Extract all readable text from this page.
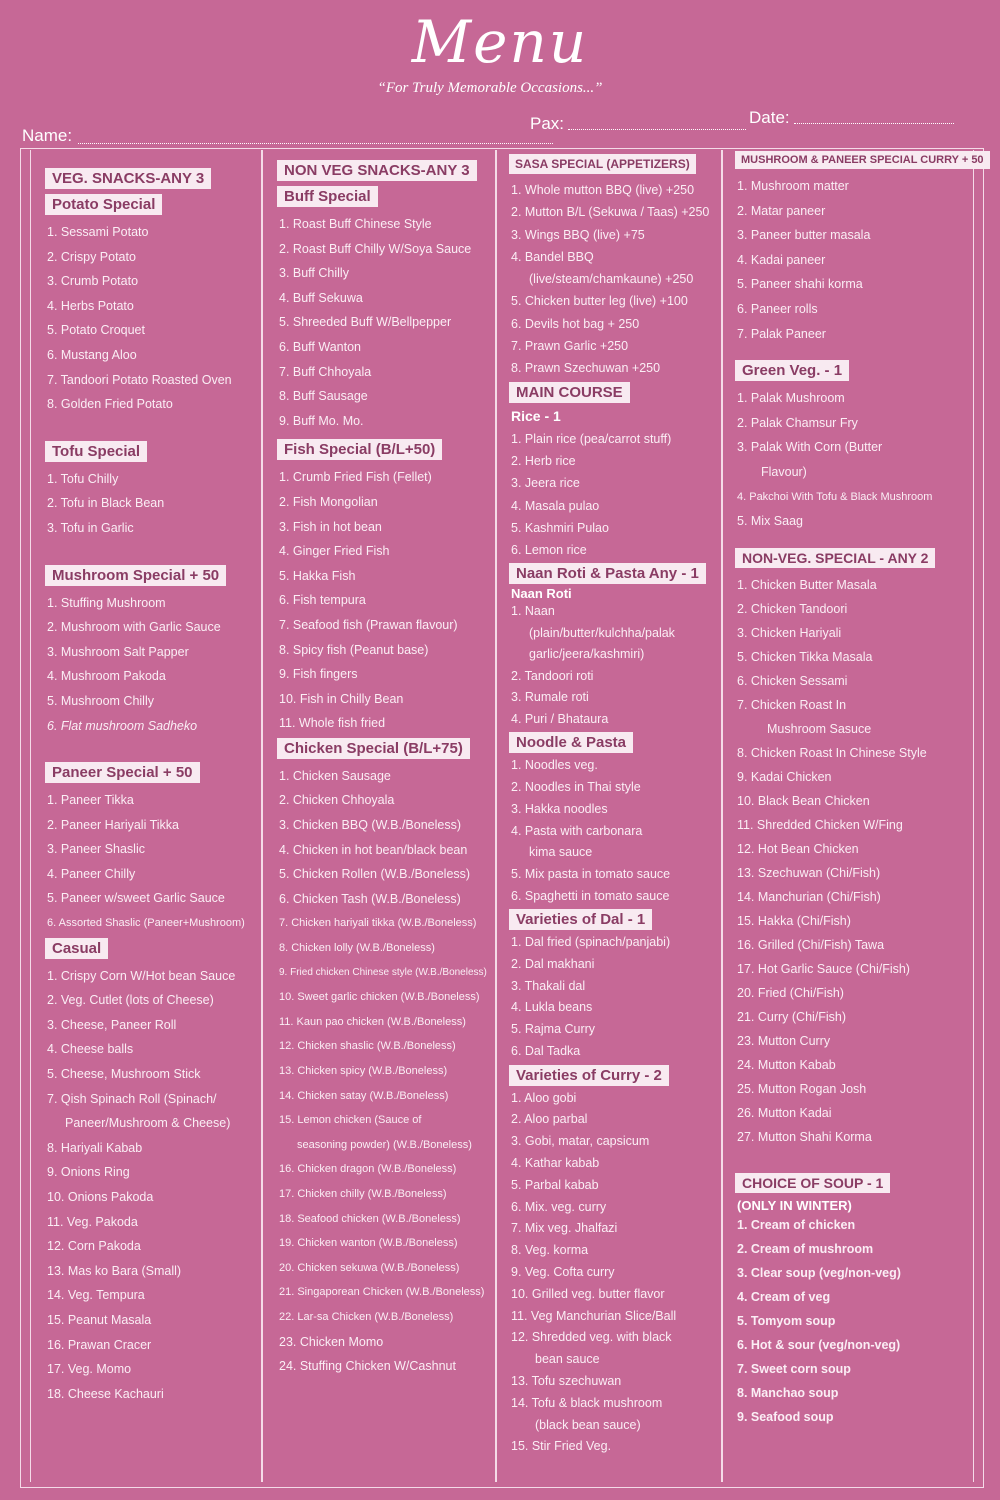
Menu
“For Truly Memorable Occasions...”
Name:
Pax:	Date:
VEG. SNACKS-ANY 3
Potato Special
1. Sessami Potato
2. Crispy Potato
3. Crumb Potato
4. Herbs Potato
5. Potato Croquet
6. Mustang Aloo
7. Tandoori Potato Roasted Oven
8. Golden Fried Potato
Tofu Special
1. Tofu Chilly
2. Tofu in Black Bean
3. Tofu in Garlic
Mushroom Special + 50
1. Stuffing Mushroom
2. Mushroom with Garlic Sauce
3. Mushroom Salt Papper
4. Mushroom Pakoda
5. Mushroom Chilly
6. Flat mushroom Sadheko
Paneer Special + 50
1. Paneer Tikka
2. Paneer Hariyali Tikka
3. Paneer Shaslic
4. Paneer Chilly
5. Paneer w/sweet Garlic Sauce
6. Assorted Shaslic (Paneer+Mushroom)
Casual
1. Crispy Corn W/Hot bean Sauce
2. Veg. Cutlet (lots of Cheese)
3. Cheese, Paneer Roll
4. Cheese balls
5. Cheese, Mushroom Stick
7. Qish Spinach Roll (Spinach/
Paneer/Mushroom & Cheese)
8. Hariyali Kabab
9. Onions Ring
10. Onions Pakoda
11. Veg. Pakoda
12. Corn Pakoda
13. Mas ko Bara (Small)
14. Veg. Tempura
15. Peanut Masala
16. Prawan Cracer
17. Veg. Momo
18. Cheese Kachauri
NON VEG SNACKS-ANY 3
Buff Special
1. Roast Buff Chinese Style
2. Roast Buff Chilly W/Soya Sauce
3. Buff Chilly
4. Buff Sekuwa
5. Shreeded Buff W/Bellpepper
6. Buff Wanton
7. Buff Chhoyala
8. Buff Sausage
9. Buff Mo. Mo.
Fish Special (B/L+50)
1. Crumb Fried Fish (Fellet)
2. Fish Mongolian
3. Fish in hot bean
4. Ginger Fried Fish
5. Hakka Fish
6. Fish tempura
7. Seafood fish (Prawan flavour)
8. Spicy fish (Peanut base)
9. Fish fingers
10. Fish in Chilly Bean
11. Whole fish fried
Chicken Special (B/L+75)
1. Chicken Sausage
2. Chicken Chhoyala
3. Chicken BBQ (W.B./Boneless)
4. Chicken in hot bean/black bean
5. Chicken Rollen (W.B./Boneless)
6. Chicken Tash (W.B./Boneless)
7. Chicken hariyali tikka (W.B./Boneless)
8. Chicken lolly (W.B./Boneless)
9. Fried chicken Chinese style (W.B./Boneless)
10. Sweet garlic chicken (W.B./Boneless)
11. Kaun pao chicken (W.B./Boneless)
12. Chicken shaslic (W.B./Boneless)
13. Chicken spicy (W.B./Boneless)
14. Chicken satay (W.B./Boneless)
15. Lemon chicken (Sauce of
seasoning powder) (W.B./Boneless)
16. Chicken dragon (W.B./Boneless)
17. Chicken chilly (W.B./Boneless)
18. Seafood chicken (W.B./Boneless)
19. Chicken wanton (W.B./Boneless)
20. Chicken sekuwa (W.B./Boneless)
21. Singaporean Chicken (W.B./Boneless)
22. Lar-sa Chicken (W.B./Boneless)
23. Chicken Momo
24. Stuffing Chicken W/Cashnut
SASA SPECIAL (APPETIZERS)
1. Whole mutton BBQ (live) +250
2. Mutton B/L (Sekuwa / Taas) +250
3. Wings BBQ (live) +75
4. Bandel BBQ
(live/steam/chamkaune) +250
5. Chicken butter leg (live) +100
6. Devils hot bag + 250
7. Prawn Garlic +250
8. Prawn Szechuwan +250
MAIN COURSE
Rice - 1
1. Plain rice (pea/carrot stuff)
2. Herb rice
3. Jeera rice
4. Masala pulao
5. Kashmiri Pulao
6. Lemon rice
Naan Roti & Pasta Any - 1
Naan Roti
1. Naan
(plain/butter/kulchha/palak
garlic/jeera/kashmiri)
2. Tandoori roti
3. Rumale roti
4. Puri / Bhataura
Noodle & Pasta
1. Noodles veg.
2. Noodles in Thai style
3. Hakka noodles
4. Pasta with carbonara
kima sauce
5. Mix pasta in tomato sauce
6. Spaghetti in tomato sauce
Varieties of Dal - 1
1. Dal fried (spinach/panjabi)
2. Dal makhani
3. Thakali dal
4. Lukla beans
5. Rajma Curry
6. Dal Tadka
Varieties of Curry - 2
1. Aloo gobi
2. Aloo parbal
3. Gobi, matar, capsicum
4. Kathar kabab
5. Parbal kabab
6. Mix. veg. curry
7. Mix veg. Jhalfazi
8. Veg. korma
9. Veg. Cofta curry
10. Grilled veg. butter flavor
11. Veg Manchurian Slice/Ball
12. Shredded veg. with black
bean sauce
13. Tofu szechuwan
14. Tofu & black mushroom
(black bean sauce)
15. Stir Fried Veg.
MUSHROOM & PANEER SPECIAL CURRY + 50
1. Mushroom matter
2. Matar paneer
3. Paneer butter masala
4. Kadai paneer
5. Paneer shahi korma
6. Paneer rolls
7. Palak Paneer
Green Veg. - 1
1. Palak Mushroom
2. Palak Chamsur Fry
3. Palak With Corn (Butter
Flavour)
4. Pakchoi With Tofu & Black Mushroom
5. Mix Saag
NON-VEG. SPECIAL - ANY 2
1. Chicken Butter Masala
2. Chicken Tandoori
3. Chicken Hariyali
5. Chicken Tikka Masala
6. Chicken Sessami
7. Chicken Roast In
Mushroom Sasuce
8. Chicken Roast In Chinese Style
9. Kadai Chicken
10. Black Bean Chicken
11. Shredded Chicken W/Fing
12. Hot Bean Chicken
13. Szechuwan (Chi/Fish)
14. Manchurian (Chi/Fish)
15. Hakka (Chi/Fish)
16. Grilled (Chi/Fish) Tawa
17. Hot Garlic Sauce (Chi/Fish)
20. Fried (Chi/Fish)
21. Curry (Chi/Fish)
23. Mutton Curry
24. Mutton Kabab
25. Mutton Rogan Josh
26. Mutton Kadai
27. Mutton Shahi Korma
CHOICE OF SOUP - 1
(ONLY IN WINTER)
1. Cream of chicken
2. Cream of mushroom
3. Clear soup (veg/non-veg)
4. Cream of veg
5. Tomyom soup
6. Hot & sour (veg/non-veg)
7. Sweet corn soup
8. Manchao soup
9. Seafood soup
